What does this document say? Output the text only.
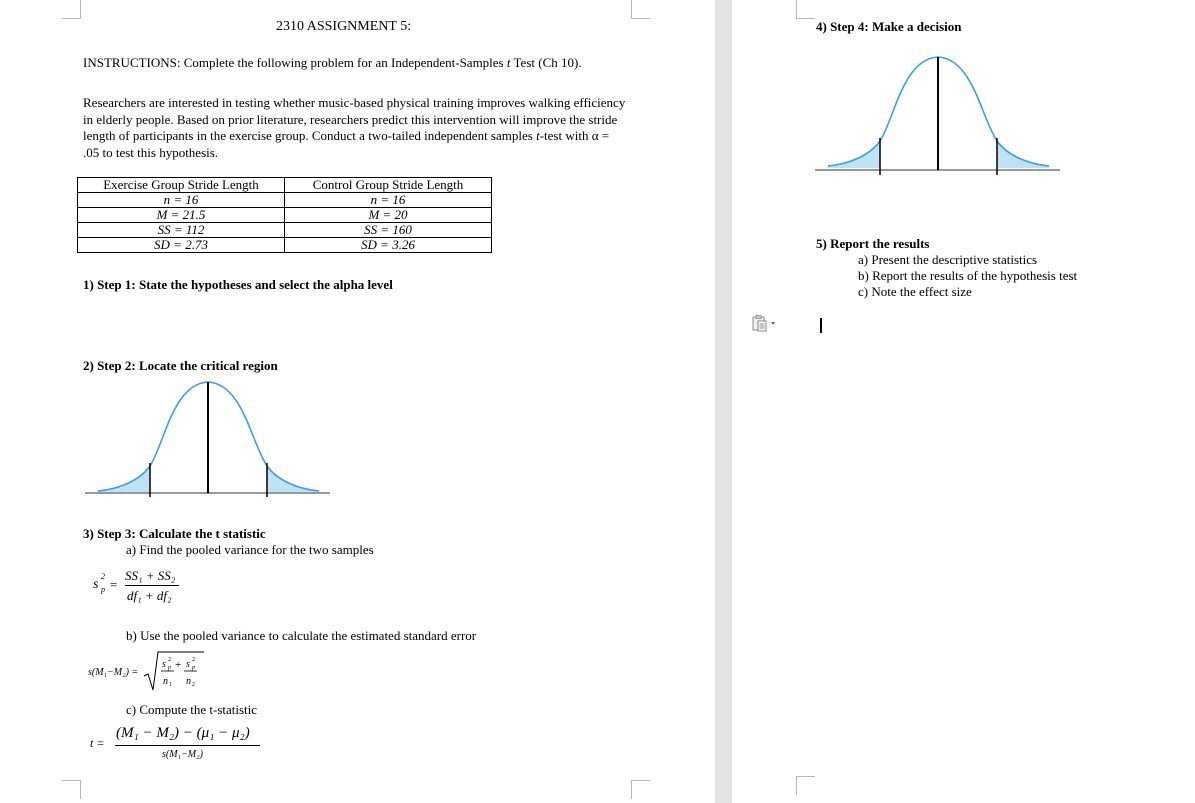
2310 ASSIGNMENT 5:
INSTRUCTIONS: Complete the following problem for an Independent-Samples t Test (Ch 10).
Researchers are interested in testing whether music-based physical training improves walking efficiency in elderly people. Based on prior literature, researchers predict this intervention will improve the stride length of participants in the exercise group. Conduct a two-tailed independent samples t-test with α = .05 to test this hypothesis.
Exercise Group Stride Length	Control Group Stride Length
n = 16	n = 16
M = 21.5	M = 20
SS = 112	SS = 160
SD = 2.73	SD = 3.26
1) Step 1: State the hypotheses and select the alpha level
2) Step 2: Locate the critical region
3) Step 3: Calculate the t statistic
a) Find the pooled variance for the two samples
s
2
p =
SS₁ + SS₂
df₁ + df₂
b) Use the pooled variance to calculate the estimated standard error
s(M₁−M₂) =
s 2
p + s 2
p
n 1 n 2
c) Compute the t-statistic
t =
(M₁ − M₂) − (μ₁ − μ₂)
s(M₁−M₂)
4) Step 4: Make a decision
5) Report the results
a) Present the descriptive statistics
b) Report the results of the hypothesis test
c) Note the effect size
